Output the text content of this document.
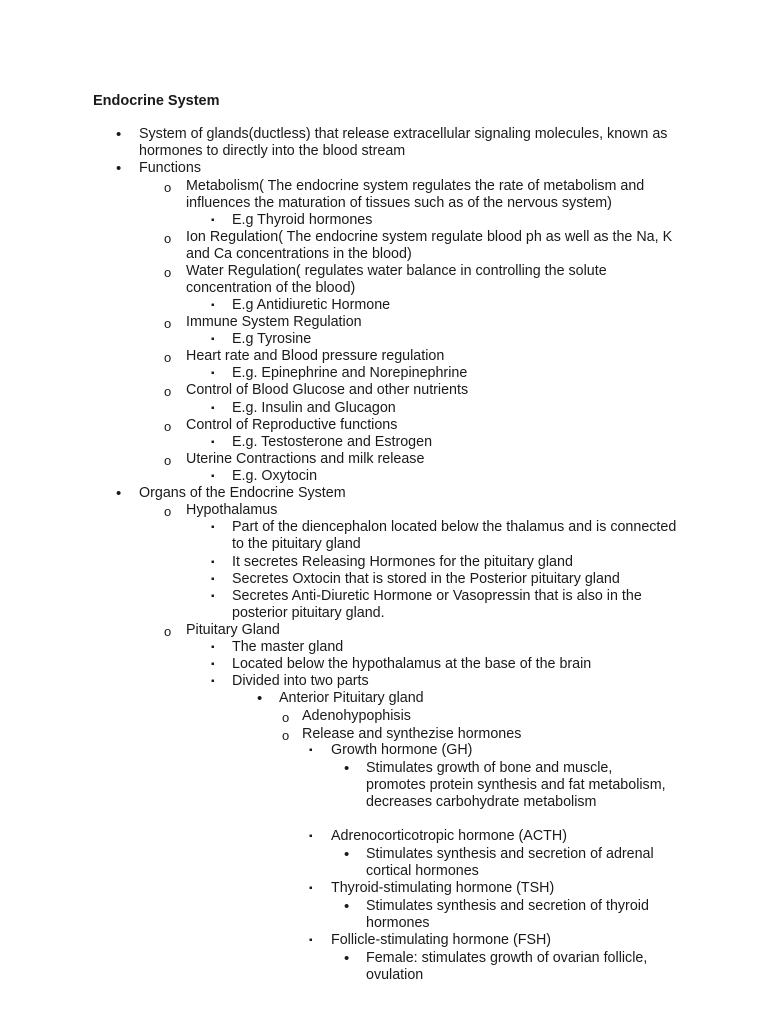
Endocrine System
• System of glands(ductless) that release extracellular signaling molecules, known as hormones to directly into the blood stream
• Functions
o Metabolism( The endocrine system regulates the rate of metabolism and influences the maturation of tissues such as of the nervous system)
▪ E.g Thyroid hormones
o Ion Regulation( The endocrine system regulate blood ph as well as the Na, K and Ca concentrations in the blood)
o Water Regulation( regulates water balance in controlling the solute concentration of the blood)
▪ E.g Antidiuretic Hormone
o Immune System Regulation
▪ E.g Tyrosine
o Heart rate and Blood pressure regulation
▪ E.g. Epinephrine and Norepinephrine
o Control of Blood Glucose and other nutrients
▪ E.g. Insulin and Glucagon
o Control of Reproductive functions
▪ E.g. Testosterone and Estrogen
o Uterine Contractions and milk release
▪ E.g. Oxytocin
• Organs of the Endocrine System
o Hypothalamus
▪ Part of the diencephalon located below the thalamus and is connected to the pituitary gland
▪ It secretes Releasing Hormones for the pituitary gland
▪ Secretes Oxtocin that is stored in the Posterior pituitary gland
▪ Secretes Anti-Diuretic Hormone or Vasopressin that is also in the posterior pituitary gland.
o Pituitary Gland
▪ The master gland
▪ Located below the hypothalamus at the base of the brain
▪ Divided into two parts
• Anterior Pituitary gland
o Adenohypophisis
o Release and synthezise hormones
▪ Growth hormone (GH)
• Stimulates growth of bone and muscle, promotes protein synthesis and fat metabolism, decreases carbohydrate metabolism
▪ Adrenocorticotropic hormone (ACTH)
• Stimulates synthesis and secretion of adrenal cortical hormones
▪ Thyroid-stimulating hormone (TSH)
• Stimulates synthesis and secretion of thyroid hormones
▪ Follicle-stimulating hormone (FSH)
• Female: stimulates growth of ovarian follicle, ovulation
